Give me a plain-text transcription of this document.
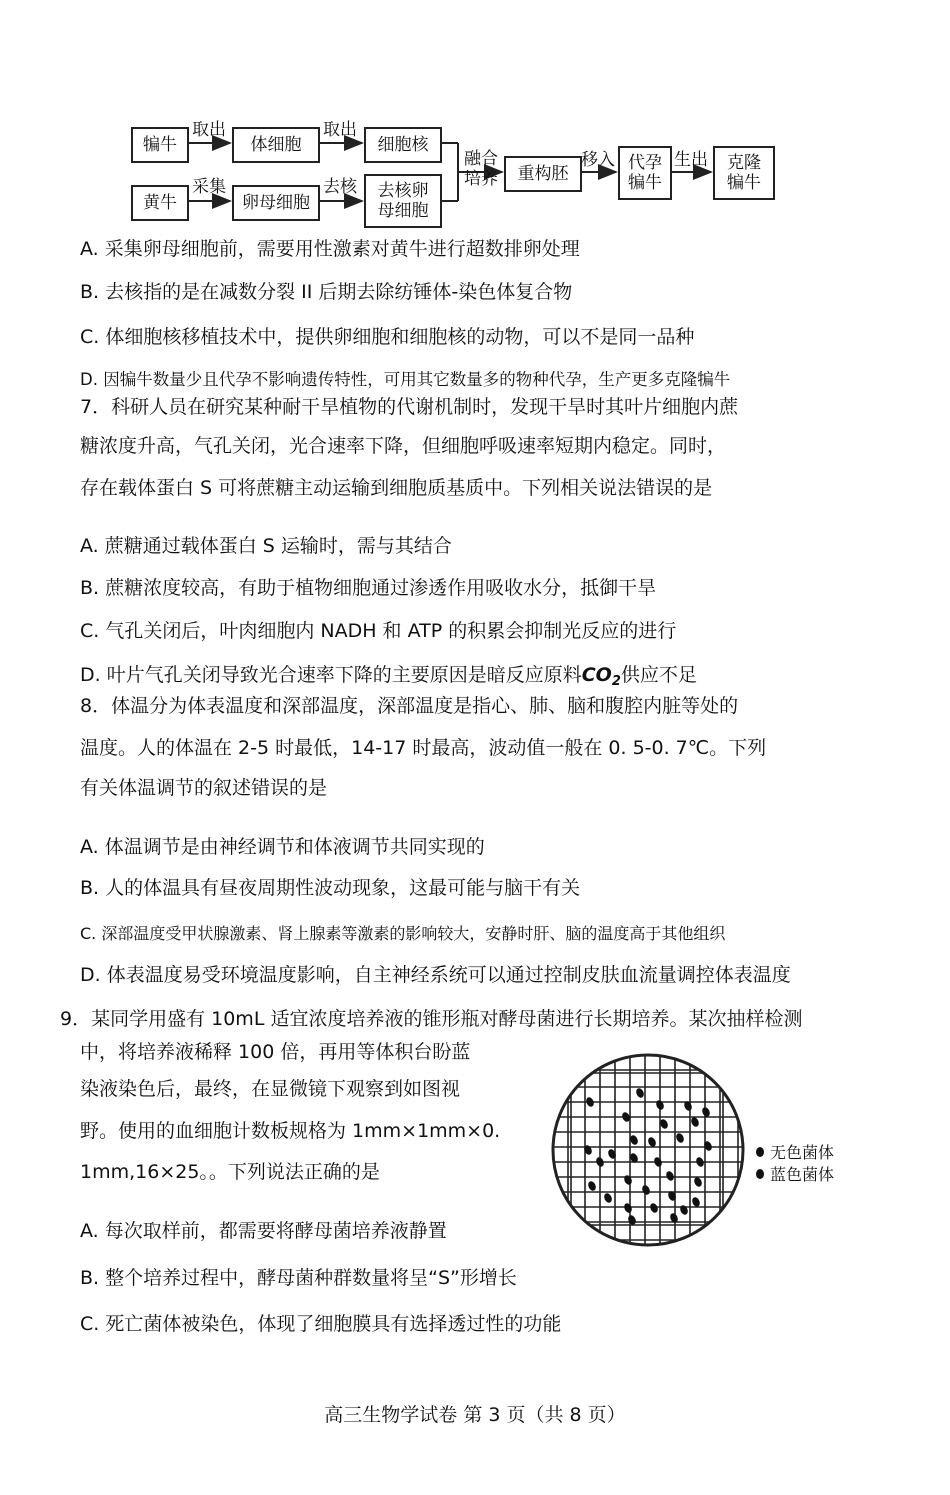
犏牛	体细胞	细胞核
黄牛	卵母细胞
去核卵
母细胞
重构胚
代孕
犏牛
克隆
犏牛
取出	取出
采集	去核
融合
培养
移入	生出
A. 采集卵母细胞前，需要用性激素对黄牛进行超数排卵处理
B. 去核指的是在减数分裂 II 后期去除纺锤体-染色体复合物
C. 体细胞核移植技术中，提供卵细胞和细胞核的动物，可以不是同一品种
D. 因犏牛数量少且代孕不影响遗传特性，可用其它数量多的物种代孕，生产更多克隆犏牛
7．科研人员在研究某种耐干旱植物的代谢机制时，发现干旱时其叶片细胞内蔗
糖浓度升高，气孔关闭，光合速率下降，但细胞呼吸速率短期内稳定。同时，
存在载体蛋白 S 可将蔗糖主动运输到细胞质基质中。下列相关说法错误的是
A. 蔗糖通过载体蛋白 S 运输时，需与其结合
B. 蔗糖浓度较高，有助于植物细胞通过渗透作用吸收水分，抵御干旱
C. 气孔关闭后，叶肉细胞内 NADH 和 ATP 的积累会抑制光反应的进行
D. 叶片气孔关闭导致光合速率下降的主要原因是暗反应原料$CO_2$供应不足
8．体温分为体表温度和深部温度，深部温度是指心、肺、脑和腹腔内脏等处的
温度。人的体温在 2-5 时最低，14-17 时最高，波动值一般在 0. 5-0. 7℃。下列
有关体温调节的叙述错误的是
A. 体温调节是由神经调节和体液调节共同实现的
B. 人的体温具有昼夜周期性波动现象，这最可能与脑干有关
C. 深部温度受甲状腺激素、肾上腺素等激素的影响较大，安静时肝、脑的温度高于其他组织
D. 体表温度易受环境温度影响，自主神经系统可以通过控制皮肤血流量调控体表温度
9．某同学用盛有 10mL 适宜浓度培养液的锥形瓶对酵母菌进行长期培养。某次抽样检测
中，将培养液稀释 100 倍，再用等体积台盼蓝
染液染色后，最终，在显微镜下观察到如图视
野。使用的血细胞计数板规格为 1mm×1mm×0.
1mm,16×25。。下列说法正确的是
A. 每次取样前，都需要将酵母菌培养液静置
B. 整个培养过程中，酵母菌种群数量将呈“S”形增长
C. 死亡菌体被染色，体现了细胞膜具有选择透过性的功能
无色菌体
蓝色菌体
高三生物学试卷 第 3 页（共 8 页）
